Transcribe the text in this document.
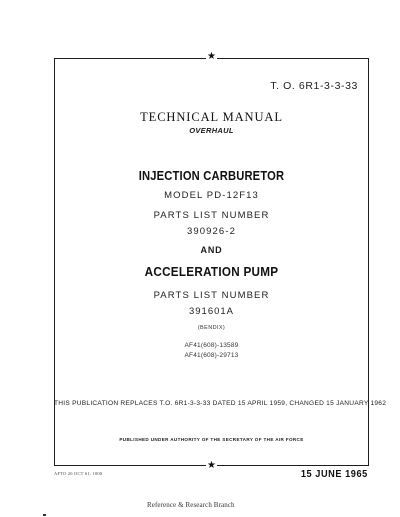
★
★
T. O. 6R1-3-3-33
TECHNICAL MANUAL
OVERHAUL
INJECTION CARBURETOR
MODEL PD-12F13
PARTS LIST NUMBER
390926-2
AND
ACCELERATION PUMP
PARTS LIST NUMBER
391601A
(BENDIX)
AF41(608)-13589
AF41(608)-29713
THIS PUBLICATION REPLACES T.O. 6R1-3-3-33 DATED 15 APRIL 1959, CHANGED 15 JANUARY 1962
PUBLISHED UNDER AUTHORITY OF THE SECRETARY OF THE AIR FORCE
AFTO 26 OCT 61, 1000	15 JUNE 1965
Reference & Research Branch
